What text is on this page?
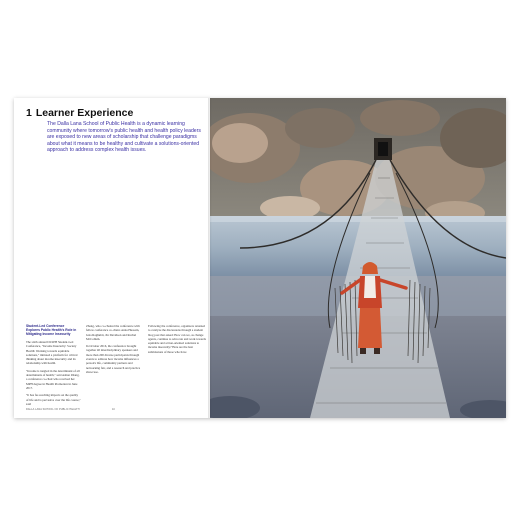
1 Learner Experience

The Dalla Lana School of Public Health is a dynamic learning community where tomorrow's public health and health policy leaders are exposed to new areas of scholarship that challenge paradigms about what it means to be healthy and cultivate a solutions-oriented approach to address complex health issues.

Student-Led Conference Explores Public Health's Role in Mitigating Income Insecurity

The sixth annual DLSPH Student-Led Conference, "Income Insecurity: Society Health: Working towards equitable solutions," initiated a platform for critical thinking about income insecurity and its relationship with health.

"Income is tangled in the determinant of all determinants of health," said Ashan Zhang, a conference co-chair who received her MPH degree in Health Promotion in June 2017.

"It has far-reaching impacts on the quality of life and is pervasive over the life course," said

Zhang, who co-chaired the conference with fellow conference co-chairs Anna Hussain, Jena Raghubir, Jin Davidson and Rachel McCollum.

In October 2016, the conference brought together 40 interdisciplinary speakers and more than 200 diverse participants through events to address how income influences a person's life, community partners and networking fair, and a research and practice showcase.

Following the conference, organizers returned to catalyze the discussions through a student blog post that asked: How can we, as change agents, continue to advocate and work towards equitable and action-oriented solutions to income insecurity? Here are the best submissions of those who have

DALLA LANA SCHOOL OF PUBLIC HEALTH	10
